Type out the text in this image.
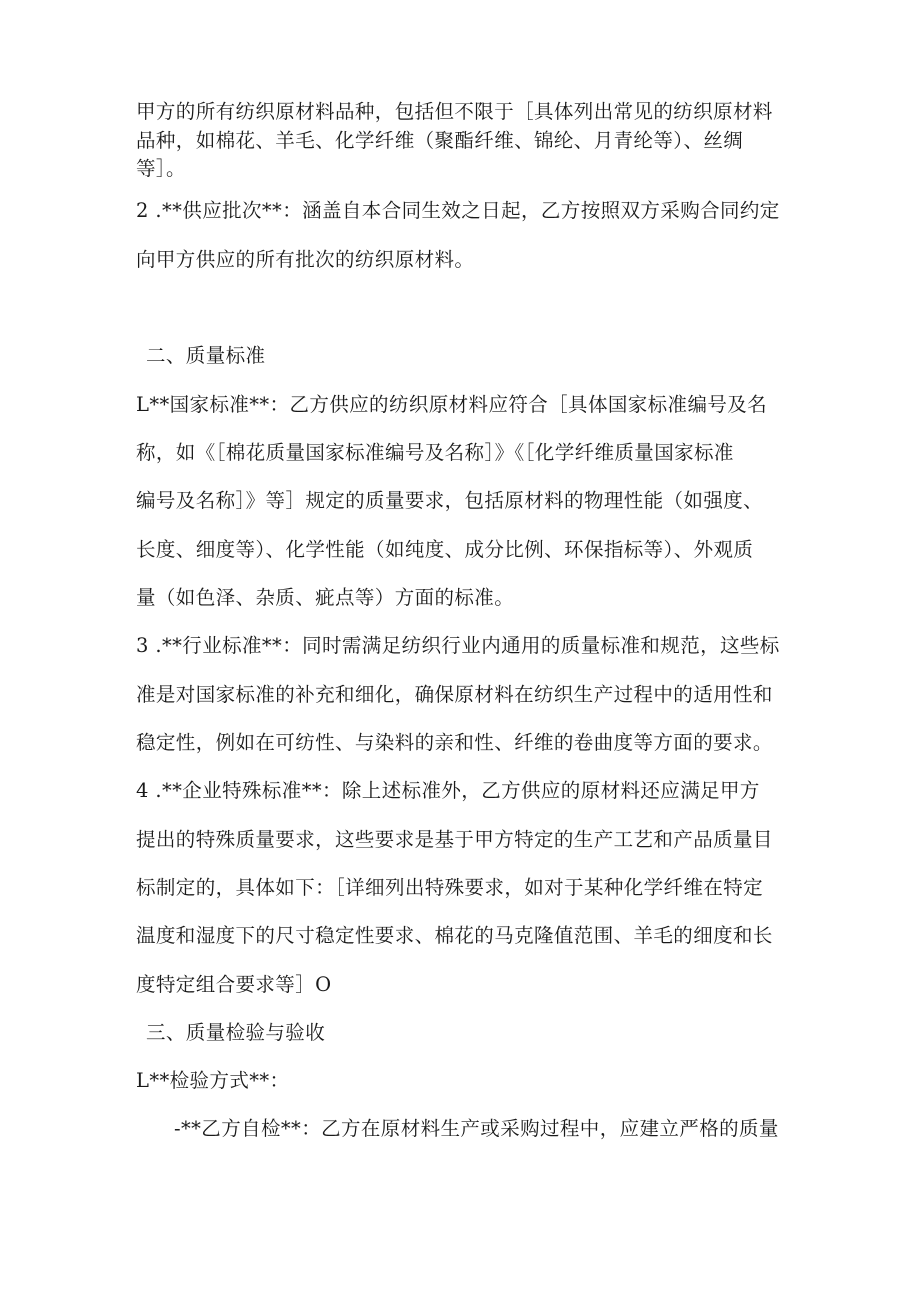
甲方的所有纺织原材料品种，包括但不限于［具体列出常见的纺织原材料

品种，如棉花、羊毛、化学纤维（聚酯纤维、锦纶、月青纶等）、丝绸

等］。

2 .**供应批次**：涵盖自本合同生效之日起，乙方按照双方采购合同约定

向甲方供应的所有批次的纺织原材料。

二、质量标准

L**国家标准**：乙方供应的纺织原材料应符合［具体国家标准编号及名

称，如《［棉花质量国家标准编号及名称］》《［化学纤维质量国家标准

编号及名称］》等］规定的质量要求，包括原材料的物理性能（如强度、

长度、细度等）、化学性能（如纯度、成分比例、环保指标等）、外观质

量（如色泽、杂质、疵点等）方面的标准。

3 .**行业标准**：同时需满足纺织行业内通用的质量标准和规范，这些标

准是对国家标准的补充和细化，确保原材料在纺织生产过程中的适用性和

稳定性，例如在可纺性、与染料的亲和性、纤维的卷曲度等方面的要求。

4 .**企业特殊标准**：除上述标准外，乙方供应的原材料还应满足甲方

提出的特殊质量要求，这些要求是基于甲方特定的生产工艺和产品质量目

标制定的，具体如下：［详细列出特殊要求，如对于某种化学纤维在特定

温度和湿度下的尺寸稳定性要求、棉花的马克隆值范围、羊毛的细度和长

度特定组合要求等］O

三、质量检验与验收

L**检验方式**：

-**乙方自检**：乙方在原材料生产或采购过程中，应建立严格的质量
